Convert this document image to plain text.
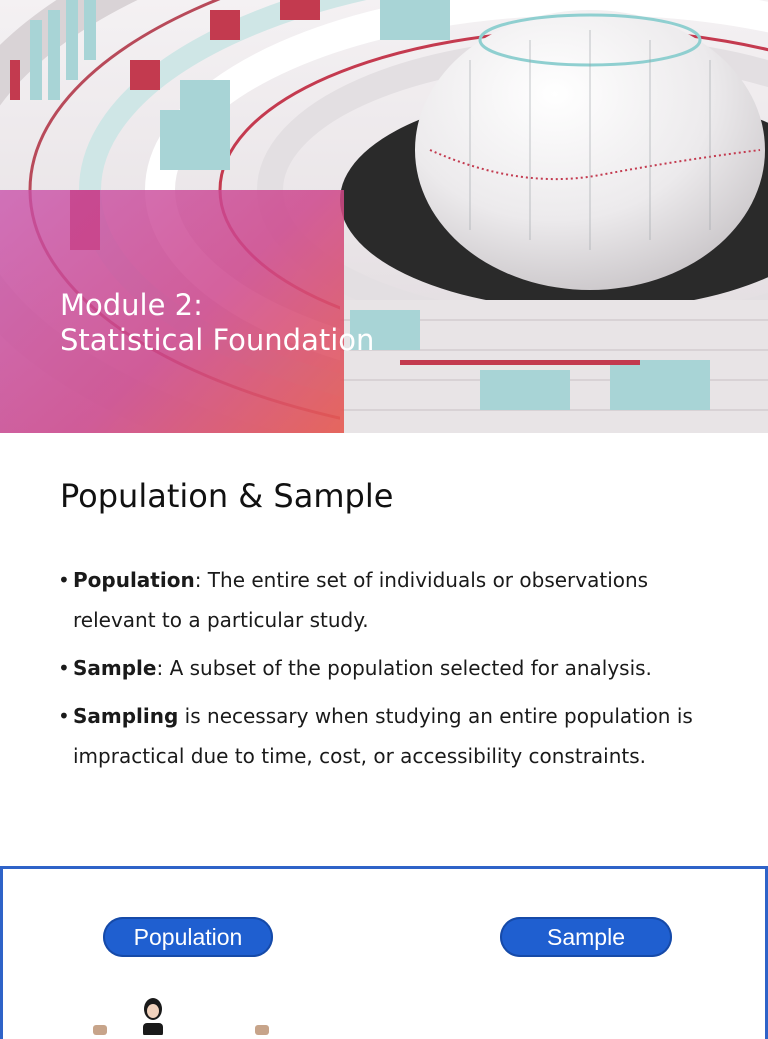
Module 2:
Statistical Foundation
Population & Sample
• Population: The entire set of individuals or observations relevant to a particular study.
• Sample: A subset of the population selected for analysis.
• Sampling is necessary when studying an entire population is impractical due to time, cost, or accessibility constraints.
Population	Sample
